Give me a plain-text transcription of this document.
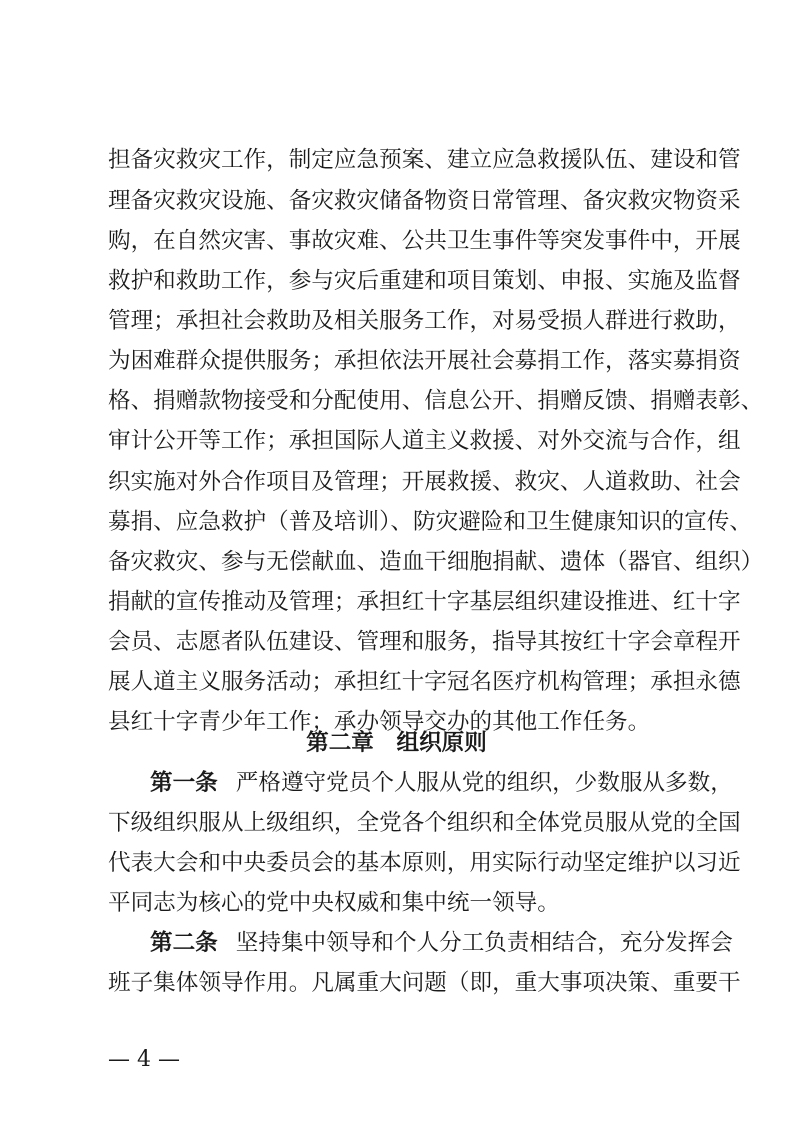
担备灾救灾工作，制定应急预案、建立应急救援队伍、建设和管
理备灾救灾设施、备灾救灾储备物资日常管理、备灾救灾物资采
购，在自然灾害、事故灾难、公共卫生事件等突发事件中，开展
救护和救助工作，参与灾后重建和项目策划、申报、实施及监督
管理；承担社会救助及相关服务工作，对易受损人群进行救助，
为困难群众提供服务；承担依法开展社会募捐工作，落实募捐资
格、捐赠款物接受和分配使用、信息公开、捐赠反馈、捐赠表彰、
审计公开等工作；承担国际人道主义救援、对外交流与合作，组
织实施对外合作项目及管理；开展救援、救灾、人道救助、社会
募捐、应急救护（普及培训）、防灾避险和卫生健康知识的宣传、
备灾救灾、参与无偿献血、造血干细胞捐献、遗体（器官、组织）
捐献的宣传推动及管理；承担红十字基层组织建设推进、红十字
会员、志愿者队伍建设、管理和服务，指导其按红十字会章程开
展人道主义服务活动；承担红十字冠名医疗机构管理；承担永德
县红十字青少年工作；承办领导交办的其他工作任务。
第二章　组织原则
第一条 严格遵守党员个人服从党的组织，少数服从多数，
下级组织服从上级组织，全党各个组织和全体党员服从党的全国
代表大会和中央委员会的基本原则，用实际行动坚定维护以习近
平同志为核心的党中央权威和集中统一领导。
第二条 坚持集中领导和个人分工负责相结合，充分发挥会
班子集体领导作用。凡属重大问题（即，重大事项决策、重要干
— 4 —
